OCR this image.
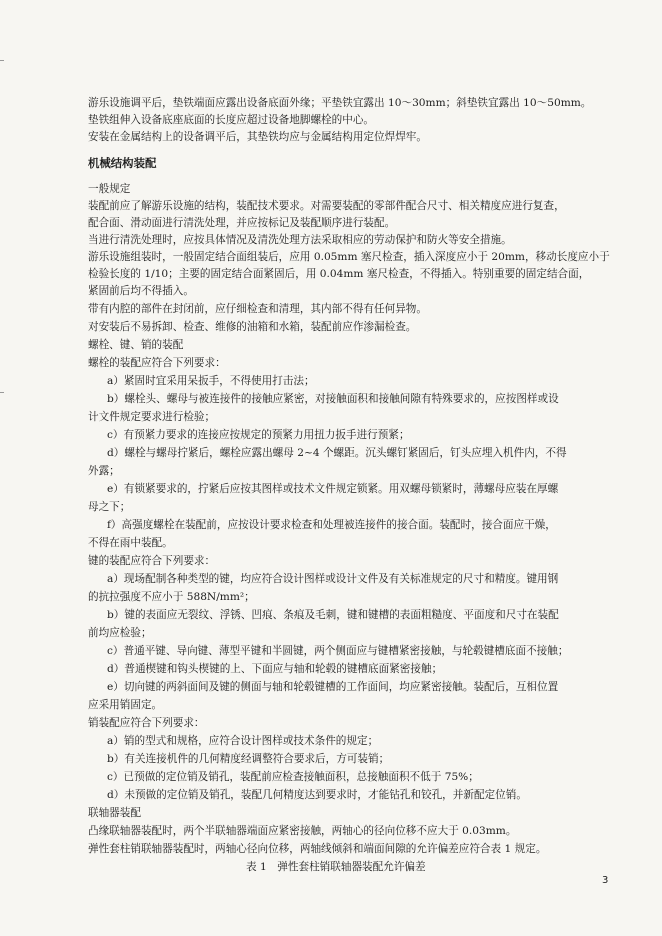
游乐设施调平后，垫铁端面应露出设备底面外缘；平垫铁宜露出 10～30mm；斜垫铁宜露出 10～50mm。
垫铁组伸入设备底座底面的长度应超过设备地脚螺栓的中心。
安装在金属结构上的设备调平后，其垫铁均应与金属结构用定位焊焊牢。
机械结构装配
一般规定
装配前应了解游乐设施的结构，装配技术要求。对需要装配的零部件配合尺寸、相关精度应进行复查，
配合面、滑动面进行清洗处理，并应按标记及装配顺序进行装配。
当进行清洗处理时，应按具体情况及清洗处理方法采取相应的劳动保护和防火等安全措施。
游乐设施组装时，一般固定结合面组装后，应用 0.05mm 塞尺检查，插入深度应小于 20mm，移动长度应小于
检验长度的 1/10；主要的固定结合面紧固后，用 0.04mm 塞尺检查，不得插入。特别重要的固定结合面，
紧固前后均不得插入。
带有内腔的部件在封闭前，应仔细检查和清理，其内部不得有任何异物。
对安装后不易拆卸、检查、维修的油箱和水箱，装配前应作渗漏检查。
螺栓、键、销的装配
螺栓的装配应符合下列要求：
a）紧固时宜采用呆扳手，不得使用打击法；
b）螺栓头、螺母与被连接件的接触应紧密，对接触面积和接触间隙有特殊要求的，应按图样或设
计文件规定要求进行检验；
c）有预紧力要求的连接应按规定的预紧力用扭力扳手进行预紧；
d）螺栓与螺母拧紧后，螺栓应露出螺母 2~4 个螺距。沉头螺钉紧固后，钉头应埋入机件内，不得
外露；
e）有锁紧要求的，拧紧后应按其图样或技术文件规定锁紧。用双螺母锁紧时，薄螺母应装在厚螺
母之下；
f）高强度螺栓在装配前，应按设计要求检查和处理被连接件的接合面。装配时，接合面应干燥，
不得在雨中装配。
键的装配应符合下列要求：
a）现场配制各种类型的键，均应符合设计图样或设计文件及有关标准规定的尺寸和精度。键用钢
的抗拉强度不应小于 588N/mm²；
b）键的表面应无裂纹、浮锈、凹痕、条痕及毛刺，键和键槽的表面粗糙度、平面度和尺寸在装配
前均应检验；
c）普通平键、导向键、薄型平键和半圆键，两个侧面应与键槽紧密接触，与轮毂键槽底面不接触；
d）普通楔键和钩头楔键的上、下面应与轴和轮毂的键槽底面紧密接触；
e）切向键的两斜面间及键的侧面与轴和轮毂键槽的工作面间，均应紧密接触。装配后，互相位置
应采用销固定。
销装配应符合下列要求：
a）销的型式和规格，应符合设计图样或技术条件的规定；
b）有关连接机件的几何精度经调整符合要求后，方可装销；
c）已预做的定位销及销孔，装配前应检查接触面积，总接触面积不低于 75%；
d）未预做的定位销及销孔，装配几何精度达到要求时，才能钻孔和铰孔，并新配定位销。
联轴器装配
凸缘联轴器装配时，两个半联轴器端面应紧密接触，两轴心的径向位移不应大于 0.03mm。
弹性套柱销联轴器装配时，两轴心径向位移，两轴线倾斜和端面间隙的允许偏差应符合表 1 规定。
表 1　弹性套柱销联轴器装配允许偏差
3
